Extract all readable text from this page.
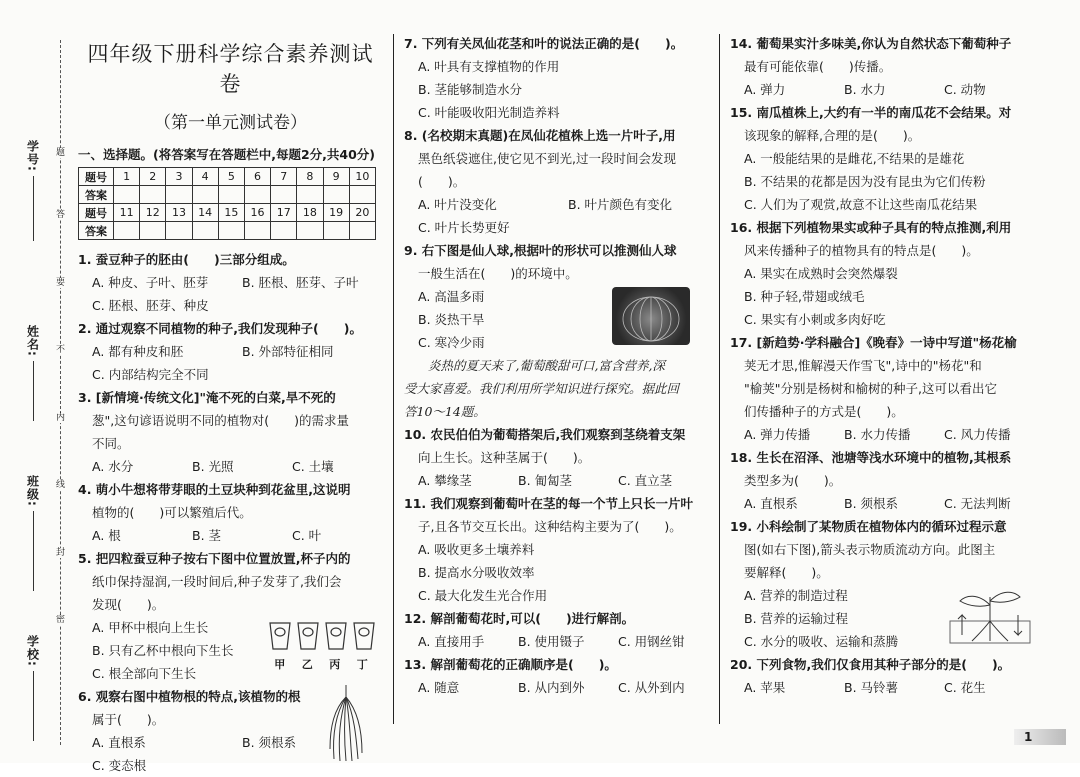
学号:
姓名:
班级:
学校:
题
答
要
不
内
线
封
密
四年级下册科学综合素养测试卷
（第一单元测试卷）
一、选择题。(将答案写在答题栏中,每题2分,共40分)
题号	1	2	3	4	5	6	7	8	9	10
答案										
题号	11	12	13	14	15	16	17	18	19	20
答案										
1. 蚕豆种子的胚由(　　)三部分组成。
A. 种皮、子叶、胚芽	B. 胚根、胚芽、子叶
C. 胚根、胚芽、种皮
2. 通过观察不同植物的种子,我们发现种子(　　)。
A. 都有种皮和胚	B. 外部特征相同
C. 内部结构完全不同
3. [新情境·传统文化]"淹不死的白菜,旱不死的
葱",这句谚语说明不同的植物对(　　)的需求量
不同。
A. 水分	B. 光照	C. 土壤
4. 萌小牛想将带芽眼的土豆块种到花盆里,这说明
植物的(　　)可以繁殖后代。
A. 根	B. 茎	C. 叶
5. 把四粒蚕豆种子按右下图中位置放置,杯子内的
纸巾保持湿润,一段时间后,种子发芽了,我们会
发现(　　)。
A. 甲杯中根向上生长
B. 只有乙杯中根向下生长
C. 根全部向下生长
甲	乙	丙	丁
6. 观察右图中植物根的特点,该植物的根
属于(　　)。
A. 直根系	B. 须根系
C. 变态根
7. 下列有关凤仙花茎和叶的说法正确的是(　　)。
A. 叶具有支撑植物的作用
B. 茎能够制造水分
C. 叶能吸收阳光制造养料
8. (名校期末真题)在凤仙花植株上选一片叶子,用
黑色纸袋遮住,使它见不到光,过一段时间会发现
(　　)。
A. 叶片没变化	B. 叶片颜色有变化
C. 叶片长势更好
9. 右下图是仙人球,根据叶的形状可以推测仙人球
一般生活在(　　)的环境中。
A. 高温多雨
B. 炎热干旱
C. 寒冷少雨
炎热的夏天来了,葡萄酸甜可口,富含营养,深
受大家喜爱。我们利用所学知识进行探究。据此回
答10～14题。
10. 农民伯伯为葡萄搭架后,我们观察到茎绕着支架
向上生长。这种茎属于(　　)。
A. 攀缘茎	B. 匍匐茎	C. 直立茎
11. 我们观察到葡萄叶在茎的每一个节上只长一片叶
子,且各节交互长出。这种结构主要为了(　　)。
A. 吸收更多土壤养料
B. 提高水分吸收效率
C. 最大化发生光合作用
12. 解剖葡萄花时,可以(　　)进行解剖。
A. 直接用手	B. 使用镊子	C. 用钢丝钳
13. 解剖葡萄花的正确顺序是(　　)。
A. 随意	B. 从内到外	C. 从外到内
14. 葡萄果实汁多味美,你认为自然状态下葡萄种子
最有可能依靠(　　)传播。
A. 弹力	B. 水力	C. 动物
15. 南瓜植株上,大约有一半的南瓜花不会结果。对
该现象的解释,合理的是(　　)。
A. 一般能结果的是雌花,不结果的是雄花
B. 不结果的花都是因为没有昆虫为它们传粉
C. 人们为了观赏,故意不让这些南瓜花结果
16. 根据下列植物果实或种子具有的特点推测,利用
风来传播种子的植物具有的特点是(　　)。
A. 果实在成熟时会突然爆裂
B. 种子轻,带翅或绒毛
C. 果实有小刺或多肉好吃
17. [新趋势·学科融合]《晚春》一诗中写道"杨花榆
荚无才思,惟解漫天作雪飞",诗中的"杨花"和
"榆荚"分别是杨树和榆树的种子,这可以看出它
们传播种子的方式是(　　)。
A. 弹力传播	B. 水力传播	C. 风力传播
18. 生长在沼泽、池塘等浅水环境中的植物,其根系
类型多为(　　)。
A. 直根系	B. 须根系	C. 无法判断
19. 小科绘制了某物质在植物体内的循环过程示意
图(如右下图),箭头表示物质流动方向。此图主
要解释(　　)。
A. 营养的制造过程
B. 营养的运输过程
C. 水分的吸收、运输和蒸腾
20. 下列食物,我们仅食用其种子部分的是(　　)。
A. 苹果	B. 马铃薯	C. 花生
1
